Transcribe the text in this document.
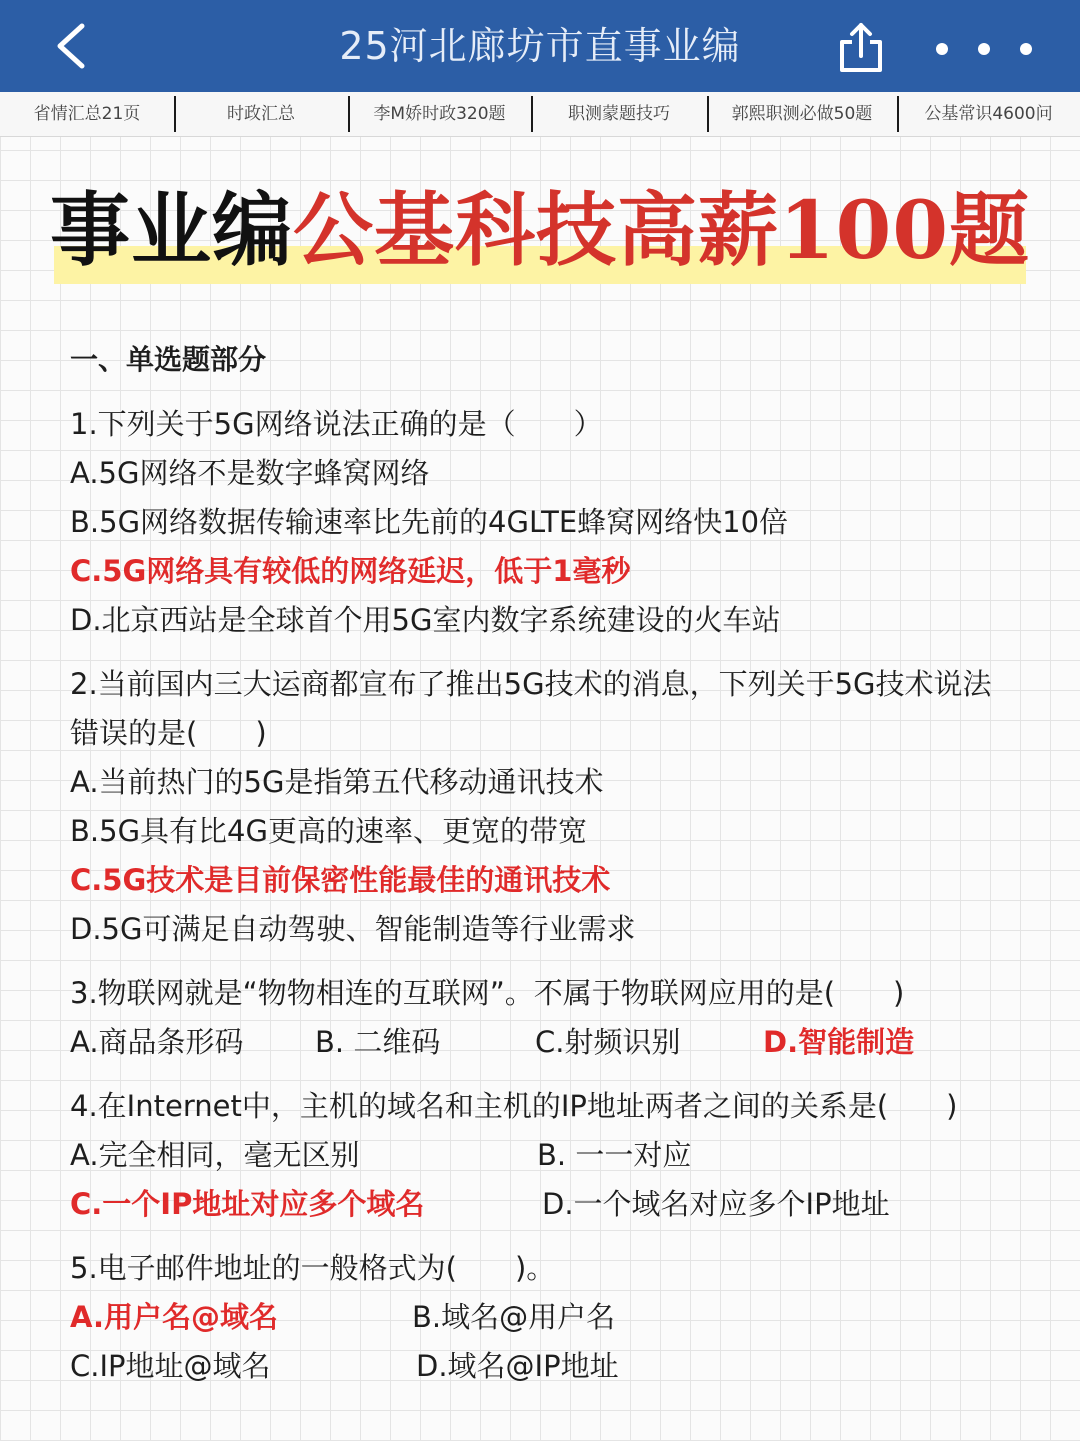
25河北廊坊市直事业编
省情汇总21页	时政汇总	李M娇时政320题	职测蒙题技巧	郭熙职测必做50题	公基常识4600问
事业编公基科技高薪100题
一、单选题部分
1.下列关于5G网络说法正确的是（　　）
A.5G网络不是数字蜂窝网络
B.5G网络数据传输速率比先前的4GLTE蜂窝网络快10倍
C.5G网络具有较低的网络延迟，低于1毫秒
D.北京西站是全球首个用5G室内数字系统建设的火车站
2.当前国内三大运商都宣布了推出5G技术的消息，下列关于5G技术说法错误的是(　　)
A.当前热门的5G是指第五代移动通讯技术
B.5G具有比4G更高的速率、更宽的带宽
C.5G技术是目前保密性能最佳的通讯技术
D.5G可满足自动驾驶、智能制造等行业需求
3.物联网就是“物物相连的互联网”。不属于物联网应用的是(　　)
A.商品条形码 B. 二维码	C.射频识别	D.智能制造
4.在Internet中，主机的域名和主机的IP地址两者之间的关系是(　　)
A.完全相同，毫无区别	B. 一一对应
C.一个IP地址对应多个域名	D.一个域名对应多个IP地址
5.电子邮件地址的一般格式为(　　)。
A.用户名@域名	B.域名@用户名
C.IP地址@域名	D.域名@IP地址
